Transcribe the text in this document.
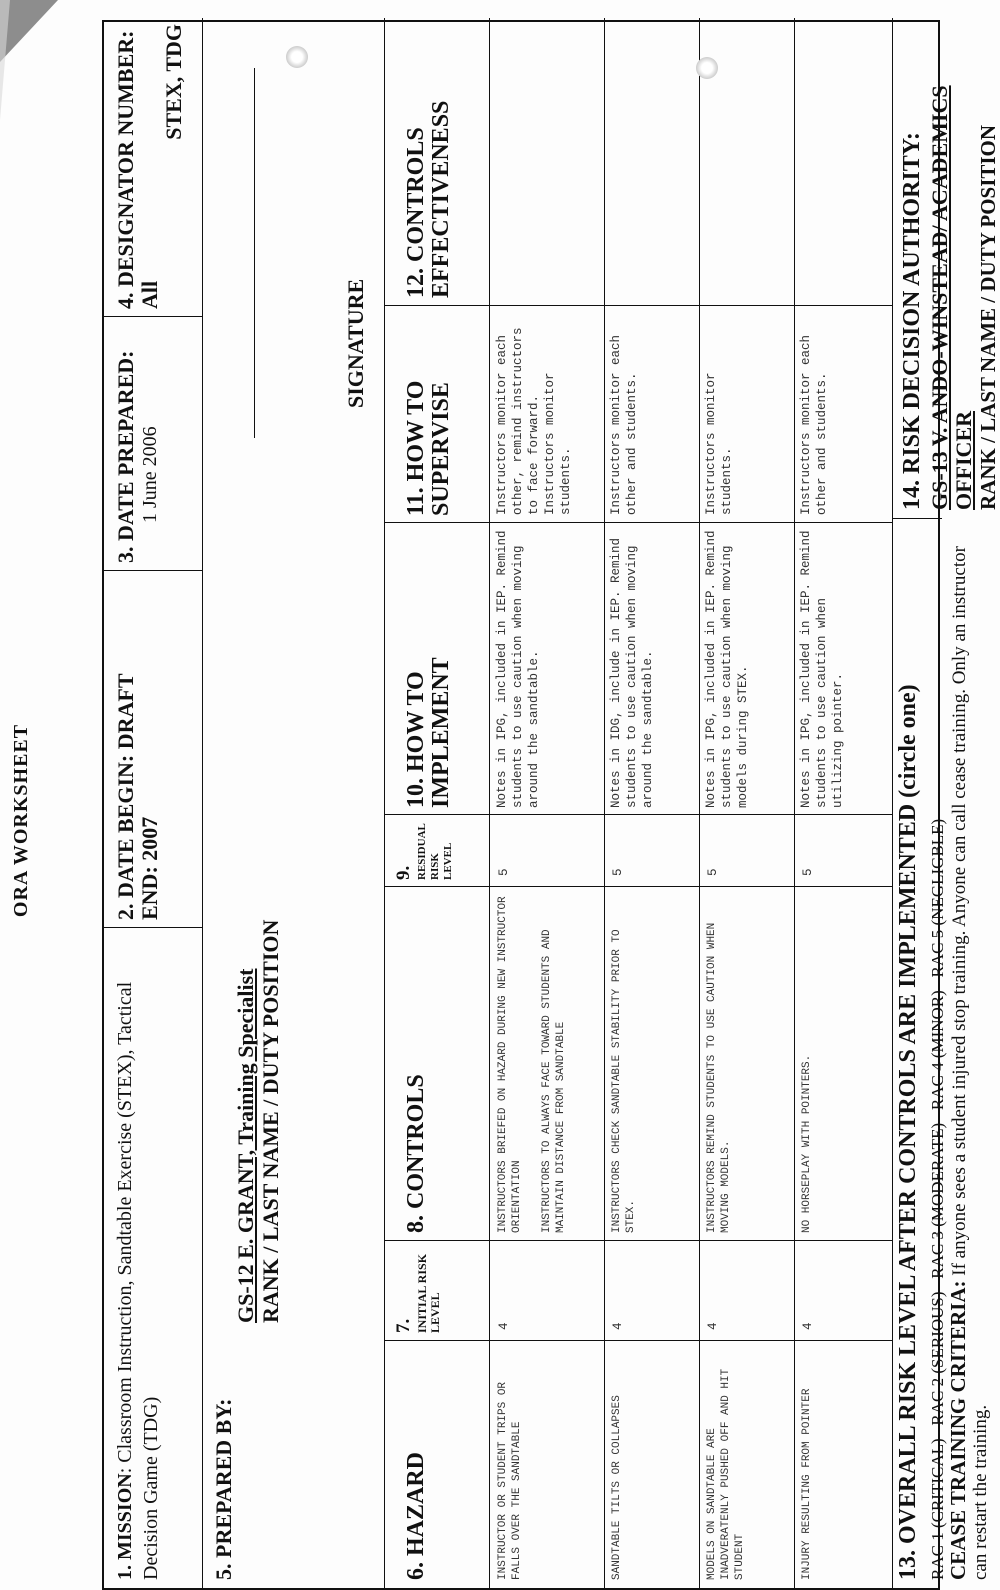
ORA WORKSHEET
1. MISSION: Classroom Instruction, Sandtable Exercise (STEX), Tactical Decision Game (TDG)
2. DATE BEGIN: DRAFT
END: 2007
3. DATE PREPARED: 1 June 2006
4. DESIGNATOR NUMBER: All
STEX, TDG
5. PREPARED BY:
GS-12 E. GRANT, Training Specialist RANK / LAST NAME / DUTY POSITION
SIGNATURE
6. HAZARD
7. INITIAL RISK LEVEL
8. CONTROLS
9. RESIDUAL RISK LEVEL
10. HOW TO IMPLEMENT
11. HOW TO SUPERVISE
12. CONTROLS EFFECTIVENESS
INSTRUCTOR OR STUDENT TRIPS OR FALLS OVER THE SANDTABLE
4
INSTRUCTORS BRIEFED ON HAZARD DURING NEW INSTRUCTOR ORIENTATION INSTRUCTORS TO ALWAYS FACE TOWARD STUDENTS AND MAINTAIN DISTANCE FROM SANDTABLE
5
Notes in IPG, included in IEP. Remind students to use caution when moving around the sandtable.
Instructors monitor each other, remind instructors to face forward. Instructors monitor students.
SANDTABLE TILTS OR COLLAPSES
4
INSTRUCTORS CHECK SANDTABLE STABILITY PRIOR TO STEX.
5
Notes in IDG, include in IEP. Remind students to use caution when moving around the sandtable.
Instructors monitor each other and students.
MODELS ON SANDTABLE ARE INADVERATENLY PUSHED OFF AND HIT STUDENT
4
INSTRUCTORS REMIND STUDENTS TO USE CAUTION WHEN MOVING MODELS.
5
Notes in IPG, included in IEP. Remind students to use caution when moving models during STEX.
Instructors monitor students.
INJURY RESULTING FROM POINTER
4
NO HORSEPLAY WITH POINTERS.
5
Notes in IPG, included in IEP. Remind students to use caution when utilizing pointer.
Instructors monitor each other and students.
13. OVERALL RISK LEVEL AFTER CONTROLS ARE IMPLEMENTED (circle one) RAC 1 (CRITICAL)   RAC 2 (SERIOUS)   RAC 3 (MODERATE)   RAC 4 (MINOR)   RAC 5 (NEGLIGBLE) CEASE TRAINING CRITERIA: If anyone sees a student injured stop training. Anyone can call cease training. Only an instructor can restart the training.
14. RISK DECISION AUTHORITY: GS-13 V. ANDO-WINSTEAD/ ACADEMICS OFFICER RANK / LAST NAME / DUTY POSITION
